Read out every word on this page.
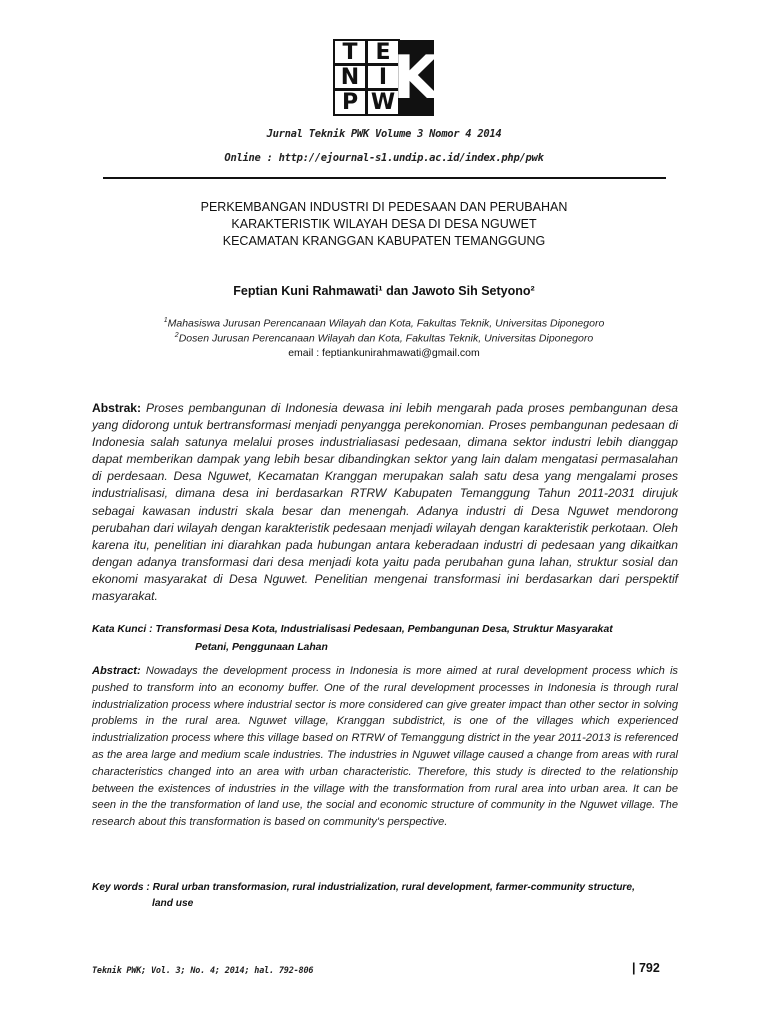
T E
N I
P W
K
Jurnal Teknik PWK Volume 3 Nomor 4 2014
Online : http://ejournal-s1.undip.ac.id/index.php/pwk
PERKEMBANGAN INDUSTRI DI PEDESAAN DAN PERUBAHAN
KARAKTERISTIK WILAYAH DESA DI DESA NGUWET
KECAMATAN KRANGGAN KABUPATEN TEMANGGUNG
Feptian Kuni Rahmawati¹ dan Jawoto Sih Setyono²
$^1$Mahasiswa Jurusan Perencanaan Wilayah dan Kota, Fakultas Teknik, Universitas Diponegoro
$^2$Dosen Jurusan Perencanaan Wilayah dan Kota, Fakultas Teknik, Universitas Diponegoro
email : feptiankunirahmawati@gmail.com
Abstrak: Proses pembangunan di Indonesia dewasa ini lebih mengarah pada proses pembangunan desa yang didorong untuk bertransformasi menjadi penyangga perekonomian. Proses pembangunan pedesaan di Indonesia salah satunya melalui proses industrialiasasi pedesaan, dimana sektor industri lebih dianggap dapat memberikan dampak yang lebih besar dibandingkan sektor yang lain dalam mengatasi permasalahan di perdesaan. Desa Nguwet, Kecamatan Kranggan merupakan salah satu desa yang mengalami proses industrialisasi, dimana desa ini berdasarkan RTRW Kabupaten Temanggung Tahun 2011-2031 dirujuk sebagai kawasan industri skala besar dan menengah. Adanya industri di Desa Nguwet mendorong perubahan dari wilayah dengan karakteristik pedesaan menjadi wilayah dengan karakteristik perkotaan. Oleh karena itu, penelitian ini diarahkan pada hubungan antara keberadaan industri di pedesaan yang dikaitkan dengan adanya transformasi dari desa menjadi kota yaitu pada perubahan guna lahan, struktur sosial dan ekonomi masyarakat di Desa Nguwet. Penelitian mengenai transformasi ini berdasarkan dari perspektif masyarakat.
Kata Kunci : Transformasi Desa Kota, Industrialisasi Pedesaan, Pembangunan Desa, Struktur Masyarakat
Petani, Penggunaan Lahan
Abstract: Nowadays the development process in Indonesia is more aimed at rural development process which is pushed to transform into an economy buffer. One of the rural development processes in Indonesia is through rural industrialization process where industrial sector is more considered can give greater impact than other sector in solving problems in the rural area. Nguwet village, Kranggan subdistrict, is one of the villages which experienced industrialization process where this village based on RTRW of Temanggung district in the year 2011-2013 is referenced as the area large and medium scale industries. The industries in Nguwet village caused a change from areas with rural characteristics changed into an area with urban characteristic. Therefore, this study is directed to the relationship between the existences of industries in the village with the transformation from rural area into urban area. It can be seen in the the transformation of land use, the social and economic structure of community in the Nguwet village. The research about this transformation is based on community's perspective.
Key words : Rural urban transformasion, rural industrialization, rural development, farmer-community structure,
land use
Teknik PWK; Vol. 3; No. 4; 2014; hal. 792-806	| 792
